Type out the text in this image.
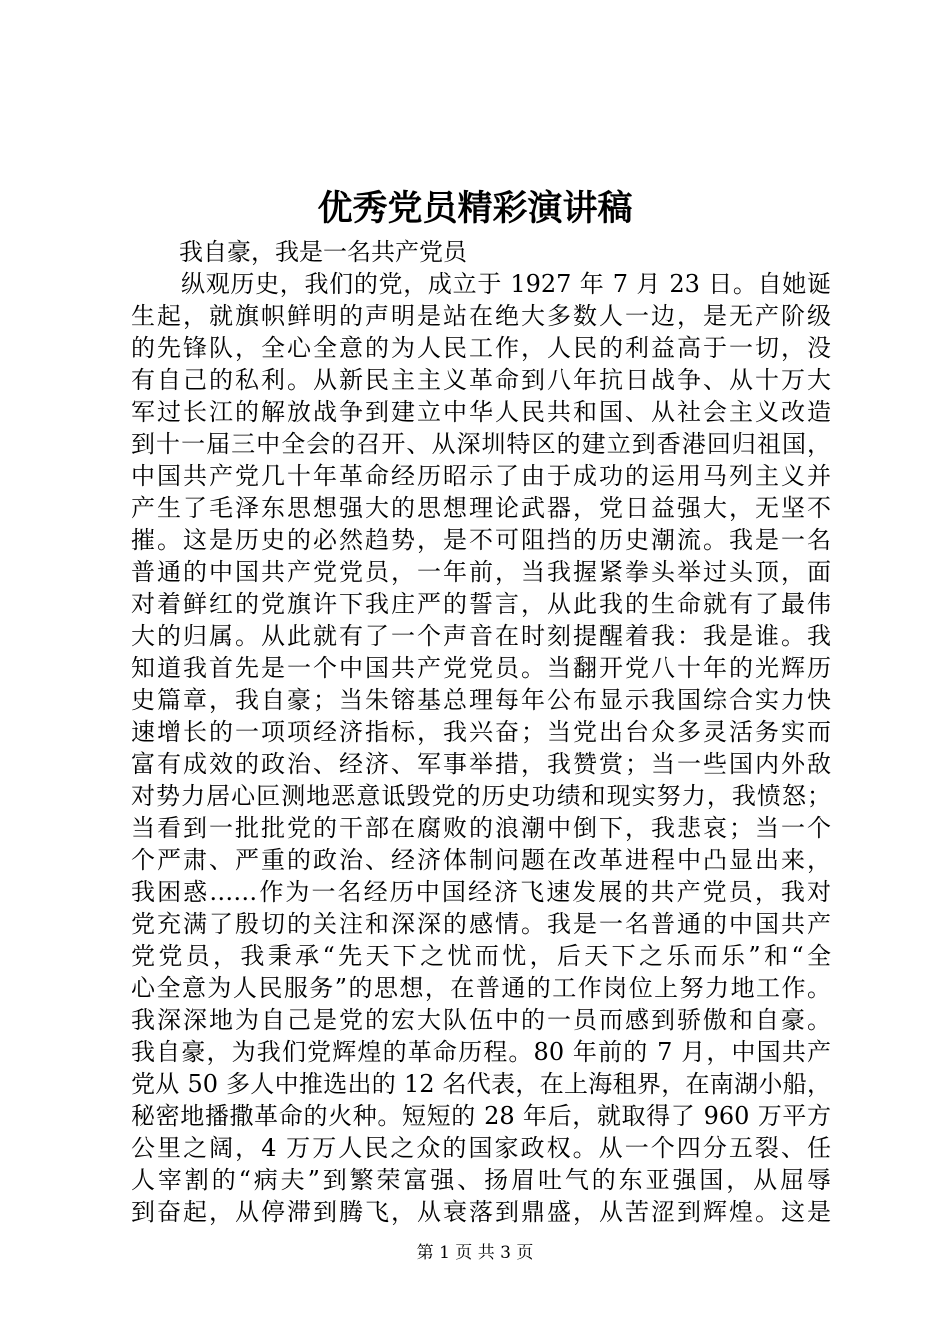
优秀党员精彩演讲稿
我自豪，我是一名共产党员
纵观历史，我们的党，成立于 1927 年 7 月 23 日。自她诞
生起，就旗帜鲜明的声明是站在绝大多数人一边，是无产阶级
的先锋队，全心全意的为人民工作，人民的利益高于一切，没
有自己的私利。从新民主主义革命到八年抗日战争、从十万大
军过长江的解放战争到建立中华人民共和国、从社会主义改造
到十一届三中全会的召开、从深圳特区的建立到香港回归祖国，
中国共产党几十年革命经历昭示了由于成功的运用马列主义并
产生了毛泽东思想强大的思想理论武器，党日益强大，无坚不
摧。这是历史的必然趋势，是不可阻挡的历史潮流。我是一名
普通的中国共产党党员，一年前，当我握紧拳头举过头顶，面
对着鲜红的党旗许下我庄严的誓言，从此我的生命就有了最伟
大的归属。从此就有了一个声音在时刻提醒着我：我是谁。我
知道我首先是一个中国共产党党员。当翻开党八十年的光辉历
史篇章，我自豪；当朱镕基总理每年公布显示我国综合实力快
速增长的一项项经济指标，我兴奋；当党出台众多灵活务实而
富有成效的政治、经济、军事举措，我赞赏；当一些国内外敌
对势力居心叵测地恶意诋毁党的历史功绩和现实努力，我愤怒；
当看到一批批党的干部在腐败的浪潮中倒下，我悲哀；当一个
个严肃、严重的政治、经济体制问题在改革进程中凸显出来，
我困惑……作为一名经历中国经济飞速发展的共产党员，我对
党充满了殷切的关注和深深的感情。我是一名普通的中国共产
党党员，我秉承“先天下之忧而忧，后天下之乐而乐”和“全
心全意为人民服务”的思想，在普通的工作岗位上努力地工作。
我深深地为自己是党的宏大队伍中的一员而感到骄傲和自豪。
我自豪，为我们党辉煌的革命历程。80 年前的 7 月，中国共产
党从 50 多人中推选出的 12 名代表，在上海租界，在南湖小船，
秘密地播撒革命的火种。短短的 28 年后，就取得了 960 万平方
公里之阔，4 万万人民之众的国家政权。从一个四分五裂、任
人宰割的“病夫”到繁荣富强、扬眉吐气的东亚强国，从屈辱
到奋起，从停滞到腾飞，从衰落到鼎盛，从苦涩到辉煌。这是
第 1 页 共 3 页
